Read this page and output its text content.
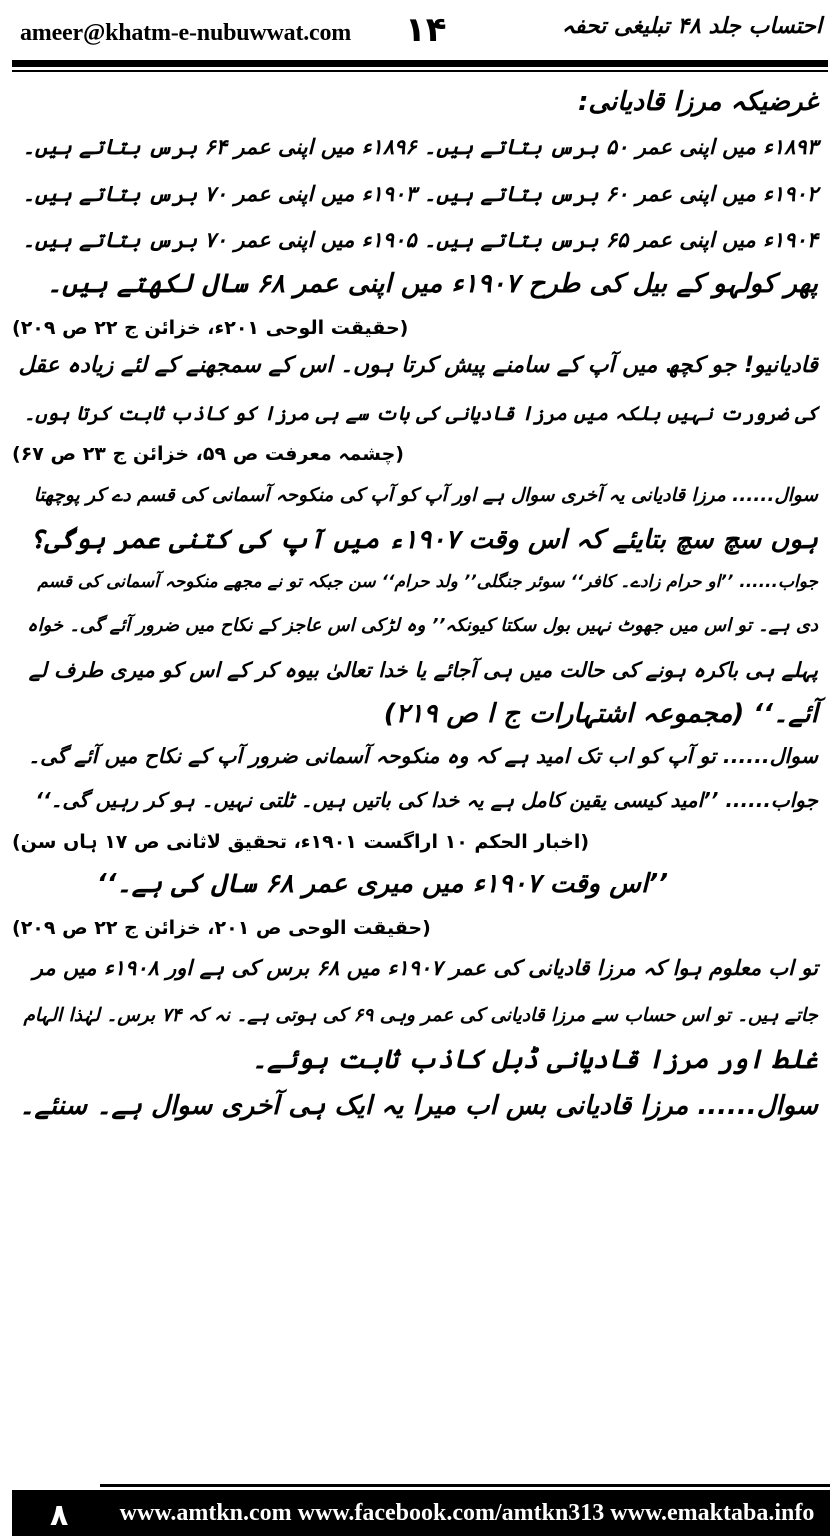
ameer@khatm-e-nubuwwat.com ۱۴	احتساب جلد ۴۸ تبلیغی تحفہ
غرضیکہ مرزا قادیانی:
۱۸۹۳ء میں اپنی عمر ۵۰ برس بتاتے ہیں۔ ۱۸۹۶ء میں اپنی عمر ۶۴ برس بتاتے ہیں۔
۱۹۰۲ء میں اپنی عمر ۶۰ برس بتاتے ہیں۔ ۱۹۰۳ء میں اپنی عمر ۷۰ برس بتاتے ہیں۔
۱۹۰۴ء میں اپنی عمر ۶۵ برس بتاتے ہیں۔ ۱۹۰۵ء میں اپنی عمر ۷۰ برس بتاتے ہیں۔
پھر کولہو کے بیل کی طرح ۱۹۰۷ء میں اپنی عمر ۶۸ سال لکھتے ہیں۔
(حقیقت الوحی ۲۰۱ء، خزائن ج ۲۲ ص ۲۰۹)
قادیانیو! جو کچھ میں آپ کے سامنے پیش کرتا ہوں۔ اس کے سمجھنے کے لئے زیادہ عقل
کی ضرورت نہیں بلکہ میں مرزا قادیانی کی بات سے ہی مرزا کو کاذب ثابت کرتا ہوں۔
(چشمہ معرفت ص ۵۹، خزائن ج ۲۳ ص ۶۷)
سوال...... مرزا قادیانی یہ آخری سوال ہے اور آپ کو آپ کی منکوحہ آسمانی کی قسم دے کر پوچھتا
ہوں سچ سچ بتایئے کہ اس وقت ۱۹۰۷ء میں آپ کی کتنی عمر ہوگی؟
جواب...... ’’او حرام زادے۔ کافر‘‘ سوئر جنگلی’’ ولد حرام‘‘ سن جبکہ تو نے مجھے منکوحہ آسمانی کی قسم
دی ہے۔ تو اس میں جھوٹ نہیں بول سکتا کیونکہ’’ وہ لڑکی اس عاجز کے نکاح میں ضرور آئے گی۔ خواہ
پہلے ہی باکرہ ہونے کی حالت میں ہی آجائے یا خدا تعالیٰ بیوہ کر کے اس کو میری طرف لے
آئے۔‘‘ (مجموعہ اشتہارات ج ا ص ۲۱۹)
سوال...... تو آپ کو اب تک امید ہے کہ وہ منکوحہ آسمانی ضرور آپ کے نکاح میں آئے گی۔
جواب...... ’’امید کیسی یقین کامل ہے یہ خدا کی باتیں ہیں۔ ٹلتی نہیں۔ ہو کر رہیں گی۔‘‘
(اخبار الحکم ۱۰ اراگست ۱۹۰۱ء، تحقیق لاثانی ص ۱۷ ہاں سن)
’’اس وقت ۱۹۰۷ء میں میری عمر ۶۸ سال کی ہے۔‘‘
(حقیقت الوحی ص ۲۰۱، خزائن ج ۲۲ ص ۲۰۹)
تو اب معلوم ہوا کہ مرزا قادیانی کی عمر ۱۹۰۷ء میں ۶۸ برس کی ہے اور ۱۹۰۸ء میں مر
جاتے ہیں۔ تو اس حساب سے مرزا قادیانی کی عمر وہی ۶۹ کی ہوتی ہے۔ نہ کہ ۷۴ برس۔ لہٰذا الہام
غلط اور مرزا قادیانی ڈبل کاذب ثابت ہوئے۔
سوال...... مرزا قادیانی بس اب میرا یہ ایک ہی آخری سوال ہے۔ سنئے۔
۸	www.amtkn.com www.facebook.com/amtkn313 www.emaktaba.info
